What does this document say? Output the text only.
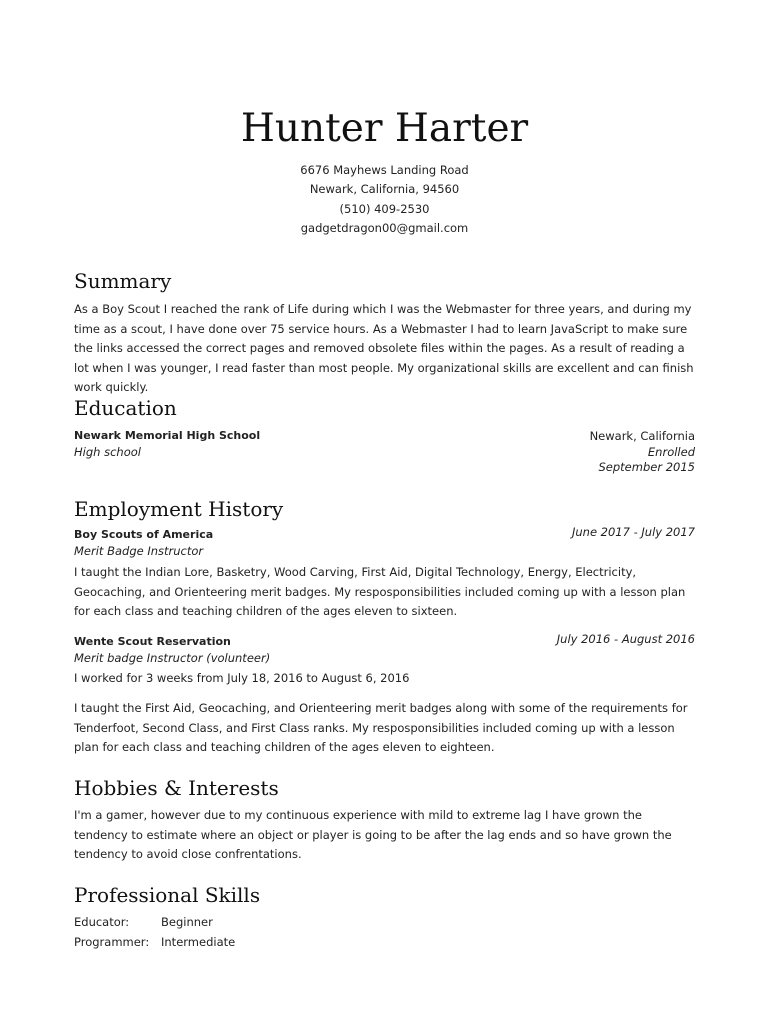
Hunter Harter
6676 Mayhews Landing Road
Newark, California, 94560
(510) 409-2530
gadgetdragon00@gmail.com
Summary
As a Boy Scout I reached the rank of Life during which I was the Webmaster for three years, and during my time as a scout, I have done over 75 service hours. As a Webmaster I had to learn JavaScript to make sure the links accessed the correct pages and removed obsolete files within the pages. As a result of reading a lot when I was younger, I read faster than most people. My organizational skills are excellent and can finish work quickly.
Education
Newark Memorial High School	Newark, California
High school	Enrolled
September 2015
Employment History
Boy Scouts of America	June 2017 - July 2017
Merit Badge Instructor
I taught the Indian Lore, Basketry, Wood Carving, First Aid, Digital Technology, Energy, Electricity, Geocaching, and Orienteering merit badges. My resposponsibilities included coming up with a lesson plan for each class and teaching children of the ages eleven to sixteen.
Wente Scout Reservation	July 2016 - August 2016
Merit badge Instructor (volunteer)
I worked for 3 weeks from July 18, 2016 to August 6, 2016
I taught the First Aid, Geocaching, and Orienteering merit badges along with some of the requirements for Tenderfoot, Second Class, and First Class ranks. My resposponsibilities included coming up with a lesson plan for each class and teaching children of the ages eleven to eighteen.
Hobbies & Interests
I'm a gamer, however due to my continuous experience with mild to extreme lag I have grown the tendency to estimate where an object or player is going to be after the lag ends and so have grown the tendency to avoid close confrentations.
Professional Skills
Educator:	Beginner
Programmer: Intermediate
